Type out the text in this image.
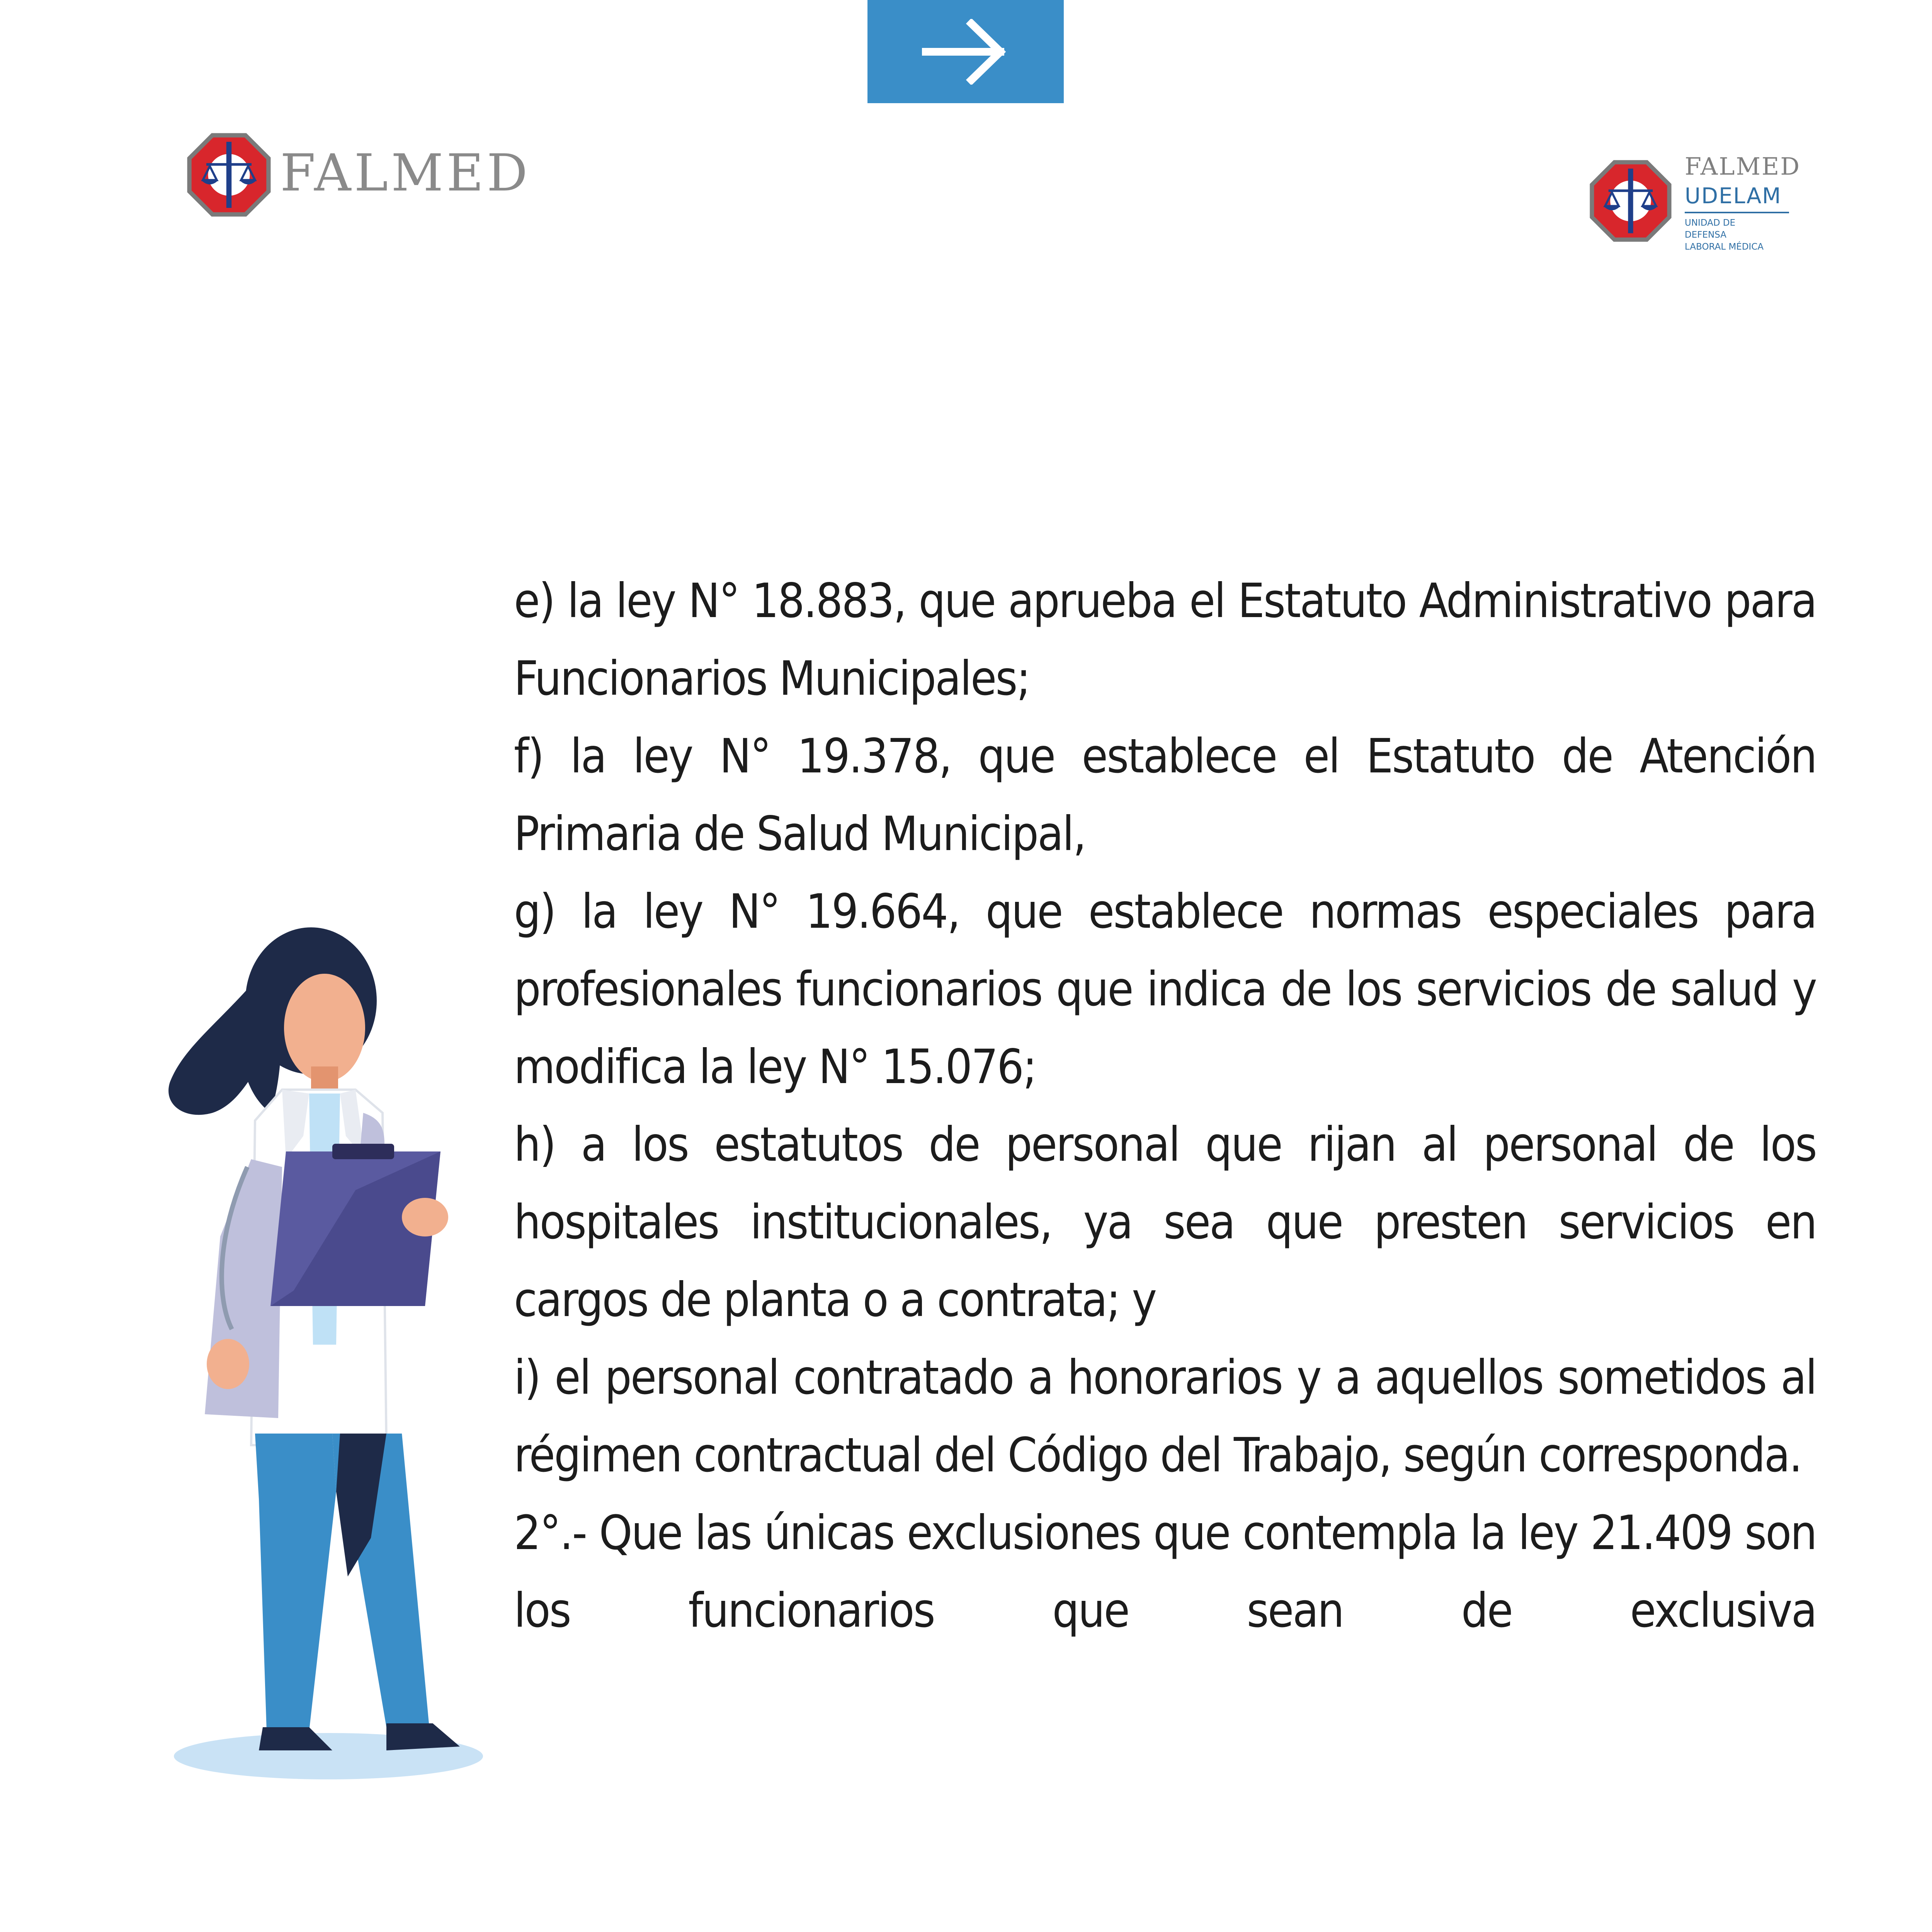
FALMED	FALMED
UDELAM
UNIDAD DE
DEFENSA
LABORAL MÉDICA

e) la ley N° 18.883, que aprueba el Estatuto Administrativo para Funcionarios Municipales;

f) la ley N° 19.378, que establece el Estatuto de Atención Primaria de Salud Municipal,

g) la ley N° 19.664, que establece normas especiales para profesionales funcionarios que indica de los servicios de salud y modifica la ley N° 15.076;

h) a los estatutos de personal que rijan al personal de los hospitales institucionales, ya sea que presten servicios en cargos de planta o a contrata; y

i) el personal contratado a honorarios y a aquellos sometidos al régimen contractual del Código del Trabajo, según corresponda.

2°.- Que las únicas exclusiones que contempla la ley 21.409 son los funcionarios que sean de exclusiva
